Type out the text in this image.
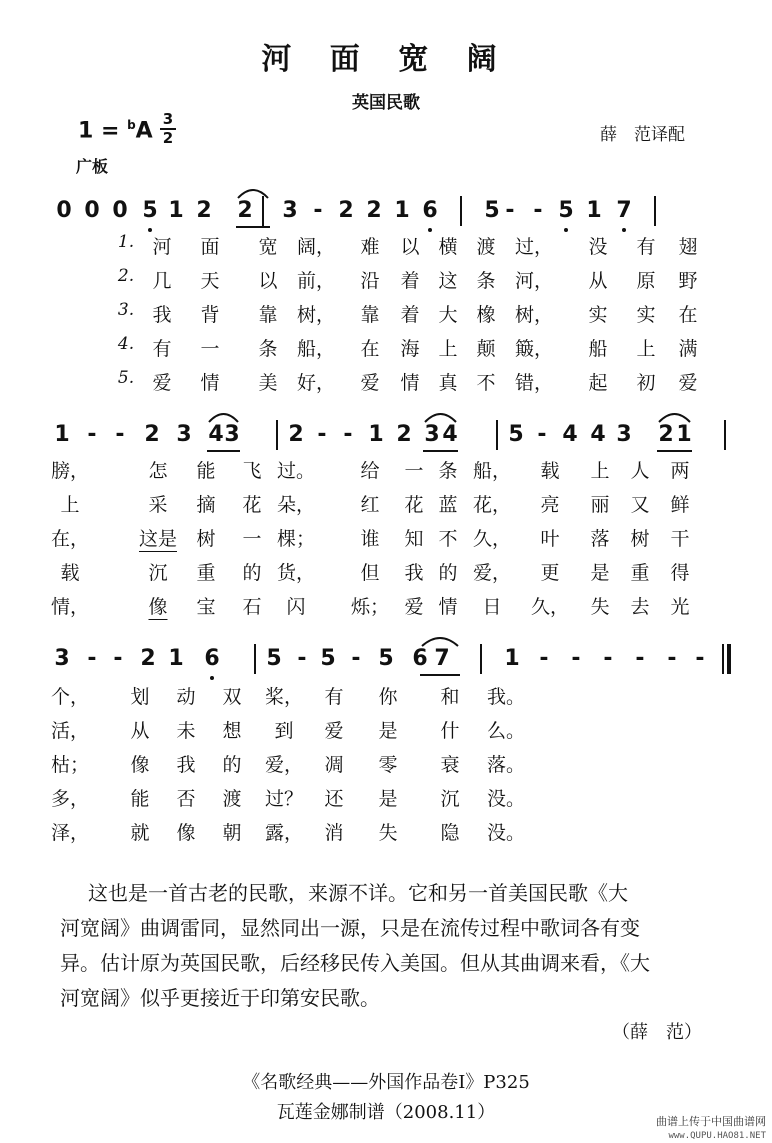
河 面 宽 阔
英国民歌
1 = $^b$A 3
2	薛　范译配
广板
0 0 0 5 1 2 2 3 - 2 2 1 6 5 - - 5 1 7
1. 河 面 宽 阔， 难 以 横 渡 过， 没 有 翅
2. 几 天 以 前， 沿 着 这 条 河， 从 原 野
3. 我 背 靠 树， 靠 着 大 橡 树， 实 实 在
4. 有 一 条 船， 在 海 上 颠 簸， 船 上 满
5. 爱 情 美 好， 爱 情 真 不 错， 起 初 爱
1 - - 2 3 4 3 2 - - 1 2 3 4 5 - 4 4 3 2 1
膀，	怎 能 飞 过。 给 一 条 船， 载 上 人 两
上	采 摘 花 朵， 红 花 蓝 花， 亮 丽 又 鲜
在，	这是 树 一 棵； 谁 知 不 久， 叶 落 树 干
载	沉 重 的 货， 但 我 的 爱， 更 是 重 得
情，	像 宝 石 闪 烁； 爱 情 日 久， 失 去 光
3 - - 2 1 6 5 - 5 - 5 6 7 1 - - - - - -
个， 划 动 双 桨， 有 你 和 我。
活， 从 未 想 到 爱 是 什 么。
枯； 像 我 的 爱， 凋 零 衰 落。
多， 能 否 渡 过？ 还 是 沉 没。
泽， 就 像 朝 露， 消 失 隐 没。

这也是一首古老的民歌，来源不详。它和另一首美国民歌《大

河宽阔》曲调雷同，显然同出一源，只是在流传过程中歌词各有变

异。估计原为英国民歌，后经移民传入美国。但从其曲调来看，《大

河宽阔》似乎更接近于印第安民歌。

（薛　范）
《名歌经典——外国作品卷Ⅰ》P325
瓦莲金娜制谱（2008.11）	曲谱上传于中国曲谱网
www.QUPU.HAO81.NET
